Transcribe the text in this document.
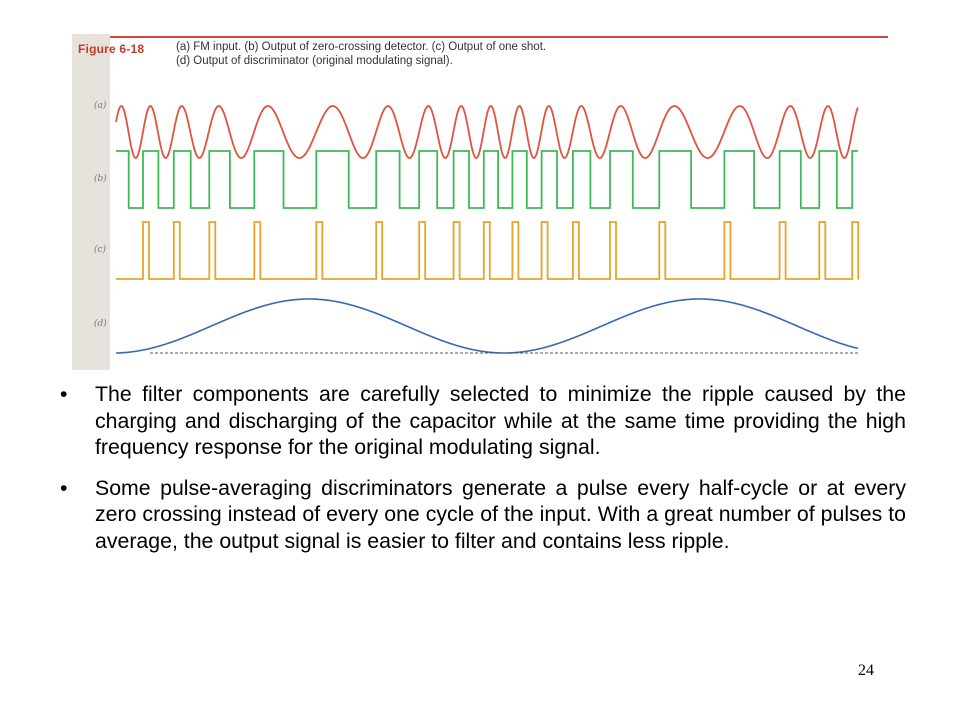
Figure 6-18	(a) FM input. (b) Output of zero-crossing detector. (c) Output of one shot.
(d) Output of discriminator (original modulating signal).
(a)
(b)
(c)
(d)
• The filter components are carefully selected to minimize the ripple caused by the charging and discharging of the capacitor while at the same time providing the high frequency response for the original modulating signal.
• Some pulse-averaging discriminators generate a pulse every half-cycle or at every zero crossing instead of every one cycle of the input. With a great number of pulses to average, the output signal is easier to filter and contains less ripple.
24
